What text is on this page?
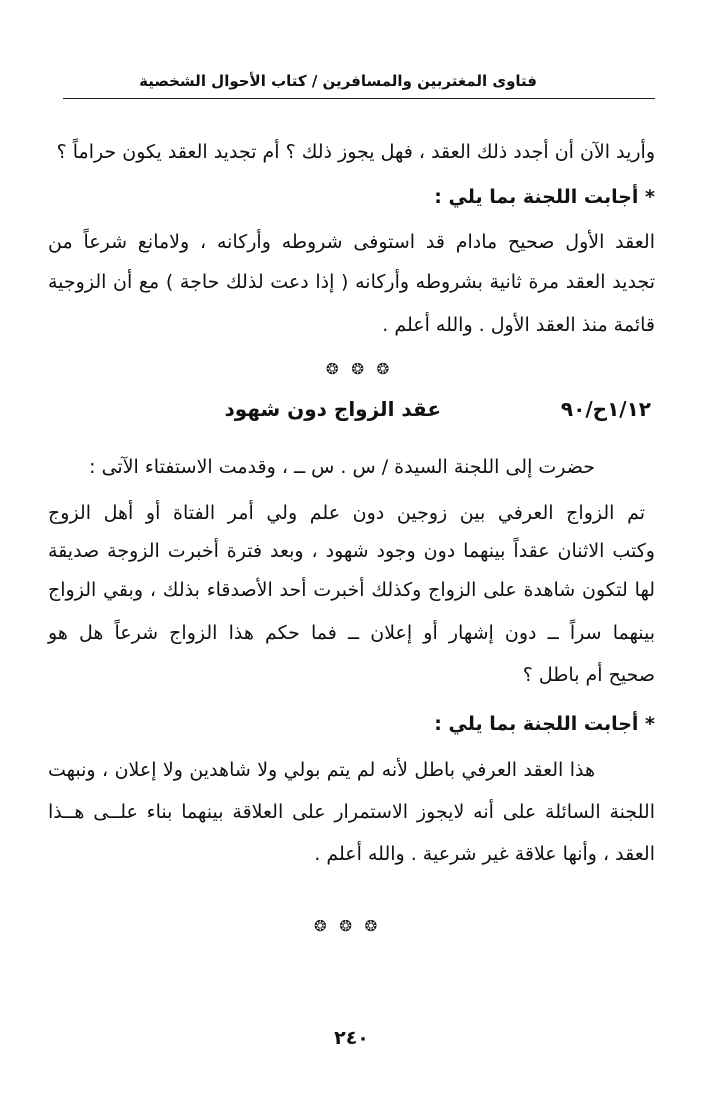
فتاوى المغتربين والمسافرين / كتاب الأحوال الشخصية
وأريد الآن أن أجدد ذلك العقد ، فهل يجوز ذلك ؟ أم تجديد العقد يكون حراماً ؟
* أجابت اللجنة بما يلي :
العقد الأول صحيح مادام قد استوفى شروطه وأركانه ، ولامانع شرعاً من
تجديد العقد مرة ثانية بشروطه وأركانه ( إذا دعت لذلك حاجة ) مع أن الزوجية
قائمة منذ العقد الأول . والله أعلم .
❂ ❂ ❂
١/١٢ح/٩٠
عقد الزواج دون شهود
حضرت إلى اللجنة السيدة / س . س ــ ، وقدمت الاستفتاء الآتى :
تم الزواج العرفي بين زوجين دون علم ولي أمر الفتاة أو أهل الزوج
وكتب الاثنان عقداً بينهما دون وجود شهود ، وبعد فترة أخبرت الزوجة صديقة
لها لتكون شاهدة على الزواج وكذلك أخبرت أحد الأصدقاء بذلك ، وبقي الزواج
بينهما سراً ــ دون إشهار أو إعلان ــ فما حكم هذا الزواج شرعاً هل هو
صحيح أم باطل ؟
* أجابت اللجنة بما يلي :
هذا العقد العرفي باطل لأنه لم يتم بولي ولا شاهدين ولا إعلان ، ونبهت
اللجنة السائلة على أنه لايجوز الاستمرار على العلاقة بينهما بناء علــى هــذا
العقد ، وأنها علاقة غير شرعية . والله أعلم .
❂ ❂ ❂
٢٤٠
